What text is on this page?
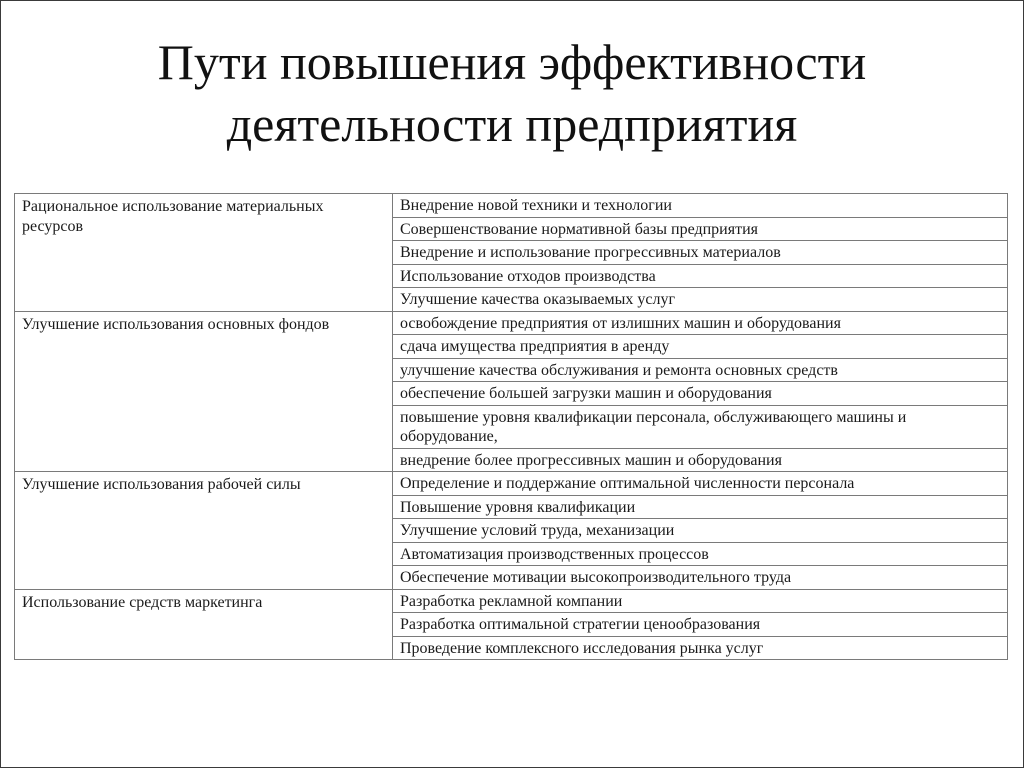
Пути повышения эффективности
деятельности предприятия
Рациональное использование материальных ресурсов	Внедрение новой техники и технологии
	Совершенствование нормативной базы предприятия
	Внедрение и использование прогрессивных материалов
	Использование отходов производства
	Улучшение качества оказываемых услуг
Улучшение использования основных фондов	освобождение предприятия от излишних машин и оборудования
	сдача имущества предприятия в аренду
	улучшение качества обслуживания и ремонта основных средств
	обеспечение большей загрузки машин и оборудования
	повышение уровня квалификации персонала, обслуживающего машины и оборудование,
	внедрение более прогрессивных машин и оборудования
Улучшение использования рабочей силы	Определение и поддержание оптимальной численности персонала
	Повышение уровня квалификации
	Улучшение условий труда, механизации
	Автоматизация производственных процессов
	Обеспечение мотивации высокопроизводительного труда
Использование средств маркетинга	Разработка рекламной компании
	Разработка оптимальной стратегии ценообразования
	Проведение комплексного исследования рынка услуг
